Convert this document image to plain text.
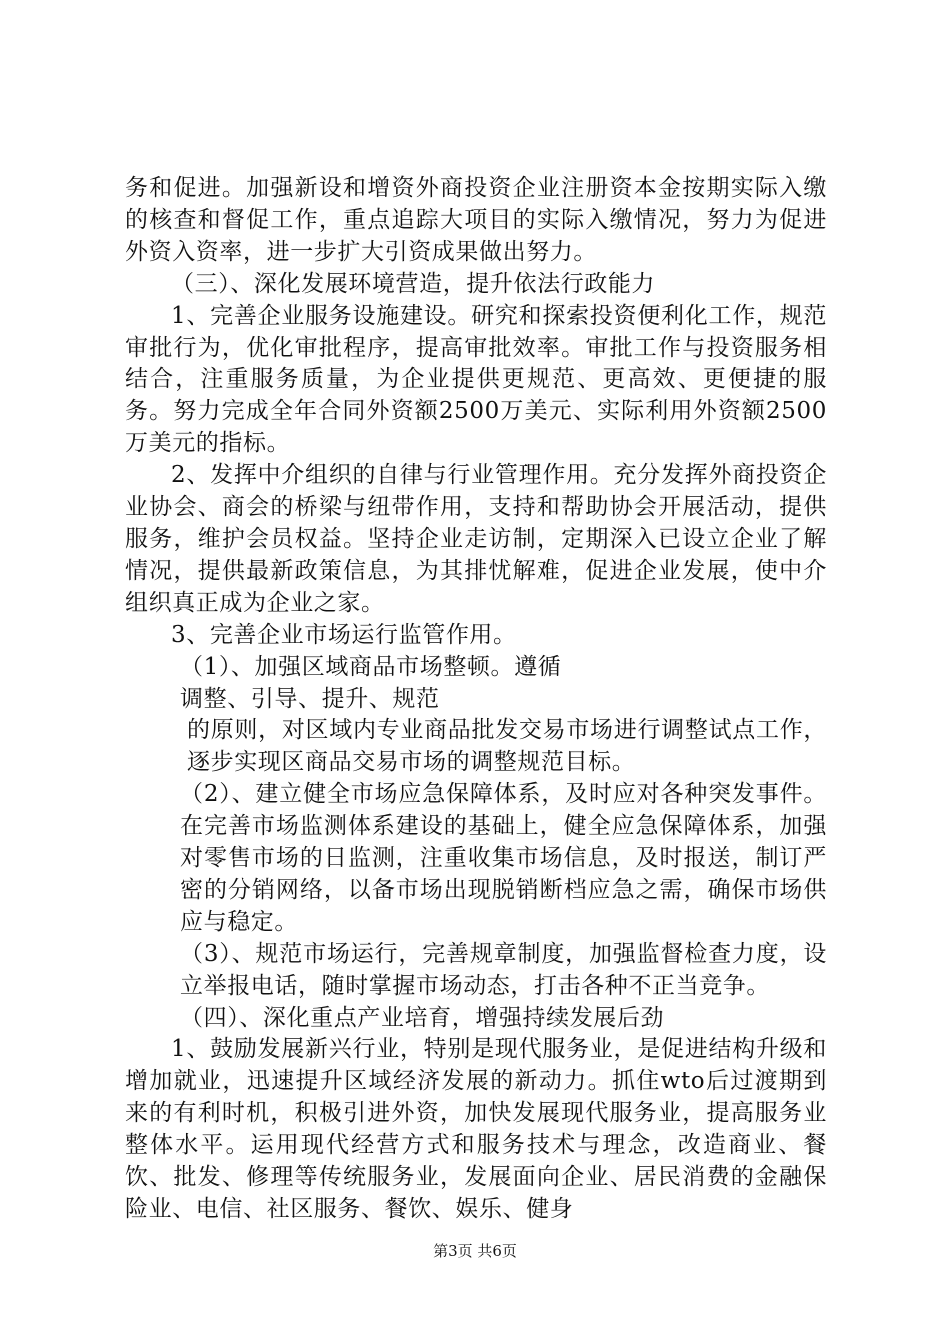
务和促进。加强新设和增资外商投资企业注册资本金按期实际入缴的核查和督促工作，重点追踪大项目的实际入缴情况，努力为促进外资入资率，进一步扩大引资成果做出努力。

（三）、深化发展环境营造，提升依法行政能力

1、完善企业服务设施建设。研究和探索投资便利化工作，规范审批行为，优化审批程序，提高审批效率。审批工作与投资服务相结合，注重服务质量，为企业提供更规范、更高效、更便捷的服务。努力完成全年合同外资额2500万美元、实际利用外资额2500万美元的指标。

2、发挥中介组织的自律与行业管理作用。充分发挥外商投资企业协会、商会的桥梁与纽带作用，支持和帮助协会开展活动，提供服务，维护会员权益。坚持企业走访制，定期深入已设立企业了解情况，提供最新政策信息，为其排忧解难，促进企业发展，使中介组织真正成为企业之家。

3、完善企业市场运行监管作用。

（1）、加强区域商品市场整顿。遵循

调整、引导、提升、规范

的原则，对区域内专业商品批发交易市场进行调整试点工作，逐步实现区商品交易市场的调整规范目标。

（2）、建立健全市场应急保障体系，及时应对各种突发事件。在完善市场监测体系建设的基础上，健全应急保障体系，加强对零售市场的日监测，注重收集市场信息，及时报送，制订严密的分销网络，以备市场出现脱销断档应急之需，确保市场供应与稳定。

（3）、规范市场运行，完善规章制度，加强监督检查力度，设立举报电话，随时掌握市场动态，打击各种不正当竞争。

（四）、深化重点产业培育，增强持续发展后劲

1、鼓励发展新兴行业，特别是现代服务业，是促进结构升级和增加就业，迅速提升区域经济发展的新动力。抓住wto后过渡期到来的有利时机，积极引进外资，加快发展现代服务业，提高服务业整体水平。运用现代经营方式和服务技术与理念，改造商业、餐饮、批发、修理等传统服务业，发展面向企业、居民消费的金融保险业、电信、社区服务、餐饮、娱乐、健身

第3页 共6页
